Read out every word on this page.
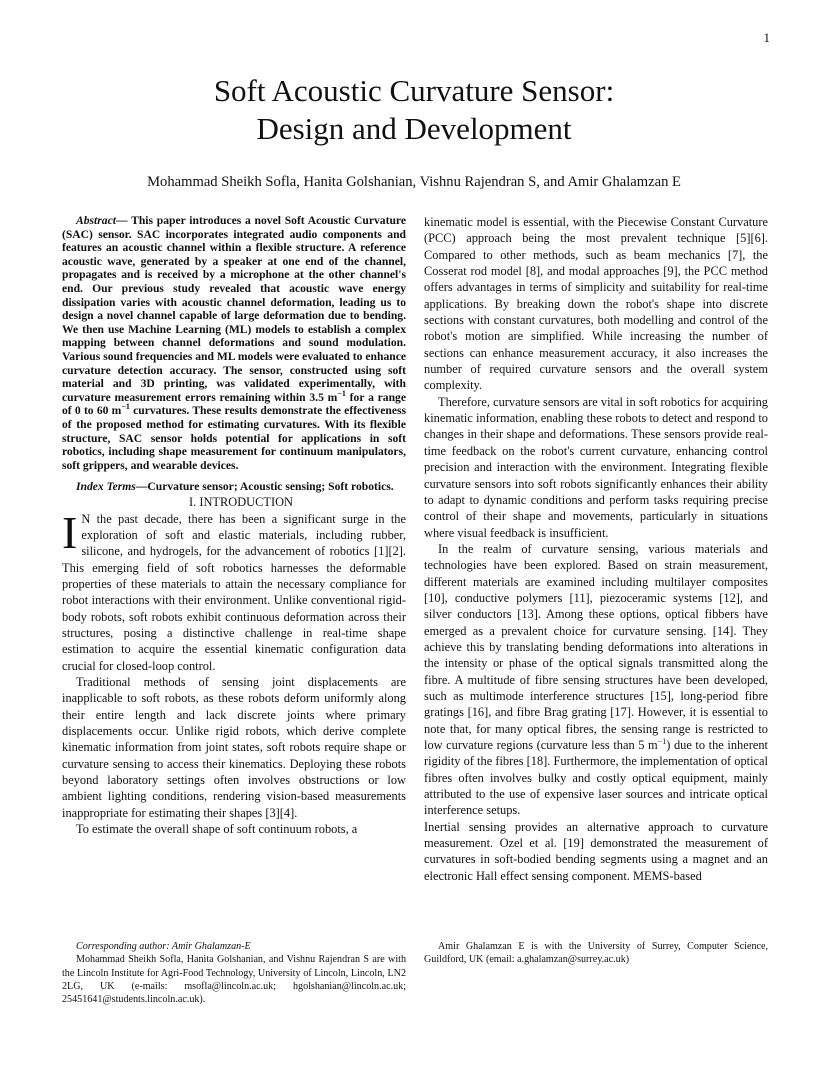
1
Soft Acoustic Curvature Sensor:
Design and Development
Mohammad Sheikh Sofla, Hanita Golshanian, Vishnu Rajendran S, and Amir Ghalamzan E

Abstract— This paper introduces a novel Soft Acoustic Curvature (SAC) sensor. SAC incorporates integrated audio components and features an acoustic channel within a flexible structure. A reference acoustic wave, generated by a speaker at one end of the channel, propagates and is received by a microphone at the other channel's end. Our previous study revealed that acoustic wave energy dissipation varies with acoustic channel deformation, leading us to design a novel channel capable of large deformation due to bending. We then use Machine Learning (ML) models to establish a complex mapping between channel deformations and sound modulation. Various sound frequencies and ML models were evaluated to enhance curvature detection accuracy. The sensor, constructed using soft material and 3D printing, was validated experimentally, with curvature measurement errors remaining within 3.5 $m^{-1}$ for a range of 0 to 60 $m^{-1}$ curvatures. These results demonstrate the effectiveness of the proposed method for estimating curvatures. With its flexible structure, SAC sensor holds potential for applications in soft robotics, including shape measurement for continuum manipulators, soft grippers, and wearable devices.

Index Terms—Curvature sensor; Acoustic sensing; Soft robotics.

I. INTRODUCTION

I N the past decade, there has been a significant surge in the exploration of soft and elastic materials, including rubber, silicone, and hydrogels, for the advancement of robotics [1][2]. This emerging field of soft robotics harnesses the deformable properties of these materials to attain the necessary compliance for robot interactions with their environment. Unlike conventional rigid-body robots, soft robots exhibit continuous deformation across their structures, posing a distinctive challenge in real-time shape estimation to acquire the essential kinematic configuration data crucial for closed-loop control.

Traditional methods of sensing joint displacements are inapplicable to soft robots, as these robots deform uniformly along their entire length and lack discrete joints where primary displacements occur. Unlike rigid robots, which derive complete kinematic information from joint states, soft robots require shape or curvature sensing to access their kinematics. Deploying these robots beyond laboratory settings often involves obstructions or low ambient lighting conditions, rendering vision-based measurements inappropriate for estimating their shapes [3][4].

To estimate the overall shape of soft continuum robots, a

kinematic model is essential, with the Piecewise Constant Curvature (PCC) approach being the most prevalent technique [5][6]. Compared to other methods, such as beam mechanics [7], the Cosserat rod model [8], and modal approaches [9], the PCC method offers advantages in terms of simplicity and suitability for real-time applications. By breaking down the robot's shape into discrete sections with constant curvatures, both modelling and control of the robot's motion are simplified. While increasing the number of sections can enhance measurement accuracy, it also increases the number of required curvature sensors and the overall system complexity.

Therefore, curvature sensors are vital in soft robotics for acquiring kinematic information, enabling these robots to detect and respond to changes in their shape and deformations. These sensors provide real-time feedback on the robot's current curvature, enhancing control precision and interaction with the environment. Integrating flexible curvature sensors into soft robots significantly enhances their ability to adapt to dynamic conditions and perform tasks requiring precise control of their shape and movements, particularly in situations where visual feedback is insufficient.

In the realm of curvature sensing, various materials and technologies have been explored. Based on strain measurement, different materials are examined including multilayer composites [10], conductive polymers [11], piezoceramic systems [12], and silver conductors [13]. Among these options, optical fibbers have emerged as a prevalent choice for curvature sensing. [14]. They achieve this by translating bending deformations into alterations in the intensity or phase of the optical signals transmitted along the fibre. A multitude of fibre sensing structures have been developed, such as multimode interference structures [15], long-period fibre gratings [16], and fibre Brag grating [17]. However, it is essential to note that, for many optical fibres, the sensing range is restricted to low curvature regions (curvature less than 5 $m^{-1}$) due to the inherent rigidity of the fibres [18]. Furthermore, the implementation of optical fibres often involves bulky and costly optical equipment, mainly attributed to the use of expensive laser sources and intricate optical interference setups.

Inertial sensing provides an alternative approach to curvature measurement. Ozel et al. [19] demonstrated the measurement of curvatures in soft-bodied bending segments using a magnet and an electronic Hall effect sensing component. MEMS-based

Corresponding author: Amir Ghalamzan-E

Mohammad Sheikh Sofla, Hanita Golshanian, and Vishnu Rajendran S are with the Lincoln Institute for Agri-Food Technology, University of Lincoln, Lincoln, LN2 2LG, UK (e-mails: msofla@lincoln.ac.uk; hgolshanian@lincoln.ac.uk; 25451641@students.lincoln.ac.uk).

Amir Ghalamzan E is with the University of Surrey, Computer Science, Guildford, UK (email: a.ghalamzan@surrey.ac.uk)
